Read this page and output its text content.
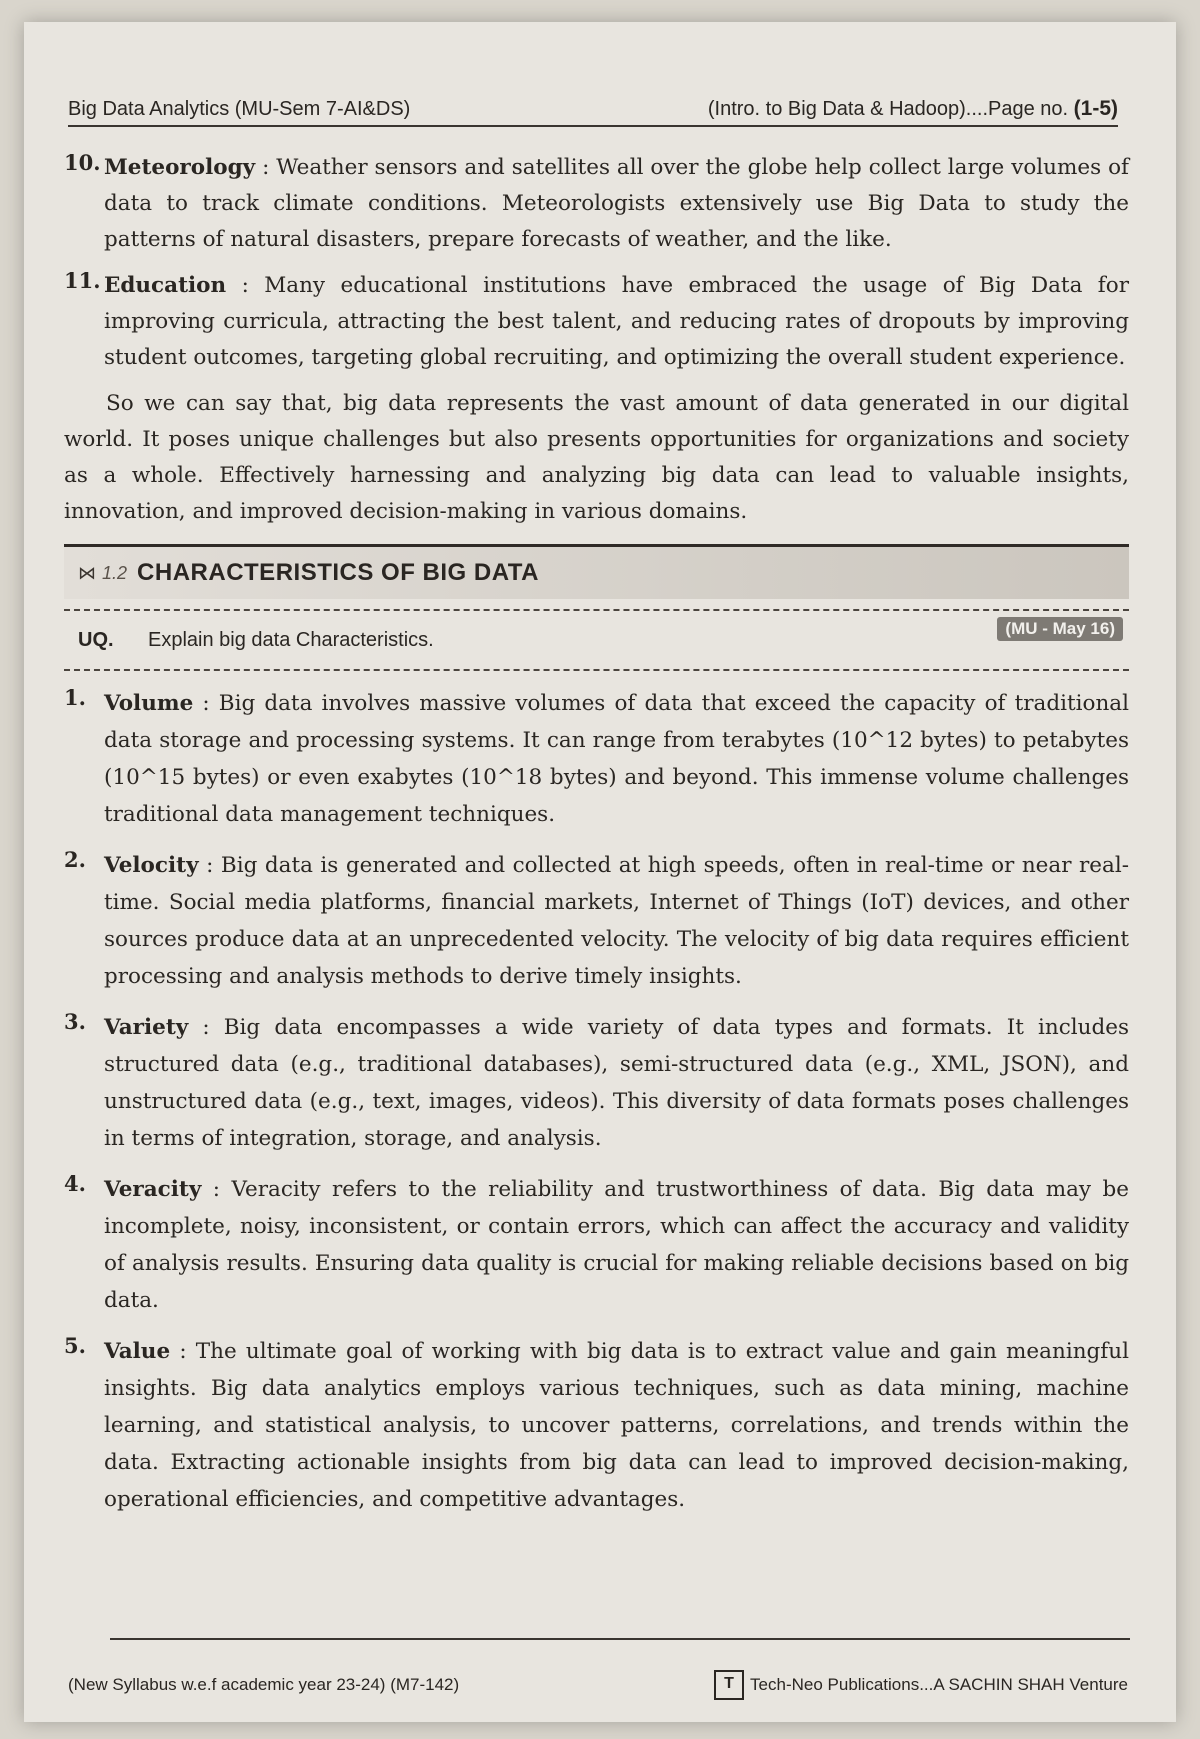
Big Data Analytics (MU-Sem 7-AI&DS)	(Intro. to Big Data & Hadoop)....Page no. (1-5)
10. Meteorology : Weather sensors and satellites all over the globe help collect large volumes of data to track climate conditions. Meteorologists extensively use Big Data to study the patterns of natural disasters, prepare forecasts of weather, and the like.
11. Education : Many educational institutions have embraced the usage of Big Data for improving curricula, attracting the best talent, and reducing rates of dropouts by improving student outcomes, targeting global recruiting, and optimizing the overall student experience.

So we can say that, big data represents the vast amount of data generated in our digital world. It poses unique challenges but also presents opportunities for organizations and society as a whole. Effectively harnessing and analyzing big data can lead to valuable insights, innovation, and improved decision-making in various domains.

⋈ 1.2 CHARACTERISTICS OF BIG DATA
UQ.	Explain big data Characteristics.	(MU - May 16)
1. Volume : Big data involves massive volumes of data that exceed the capacity of traditional data storage and processing systems. It can range from terabytes (10^12 bytes) to petabytes (10^15 bytes) or even exabytes (10^18 bytes) and beyond. This immense volume challenges traditional data management techniques.
2. Velocity : Big data is generated and collected at high speeds, often in real-time or near real-time. Social media platforms, financial markets, Internet of Things (IoT) devices, and other sources produce data at an unprecedented velocity. The velocity of big data requires efficient processing and analysis methods to derive timely insights.
3. Variety : Big data encompasses a wide variety of data types and formats. It includes structured data (e.g., traditional databases), semi-structured data (e.g., XML, JSON), and unstructured data (e.g., text, images, videos). This diversity of data formats poses challenges in terms of integration, storage, and analysis.
4. Veracity : Veracity refers to the reliability and trustworthiness of data. Big data may be incomplete, noisy, inconsistent, or contain errors, which can affect the accuracy and validity of analysis results. Ensuring data quality is crucial for making reliable decisions based on big data.
5. Value : The ultimate goal of working with big data is to extract value and gain meaningful insights. Big data analytics employs various techniques, such as data mining, machine learning, and statistical analysis, to uncover patterns, correlations, and trends within the data. Extracting actionable insights from big data can lead to improved decision-making, operational efficiencies, and competitive advantages.
(New Syllabus w.e.f academic year 23-24) (M7-142)	T Tech-Neo Publications...A SACHIN SHAH Venture
